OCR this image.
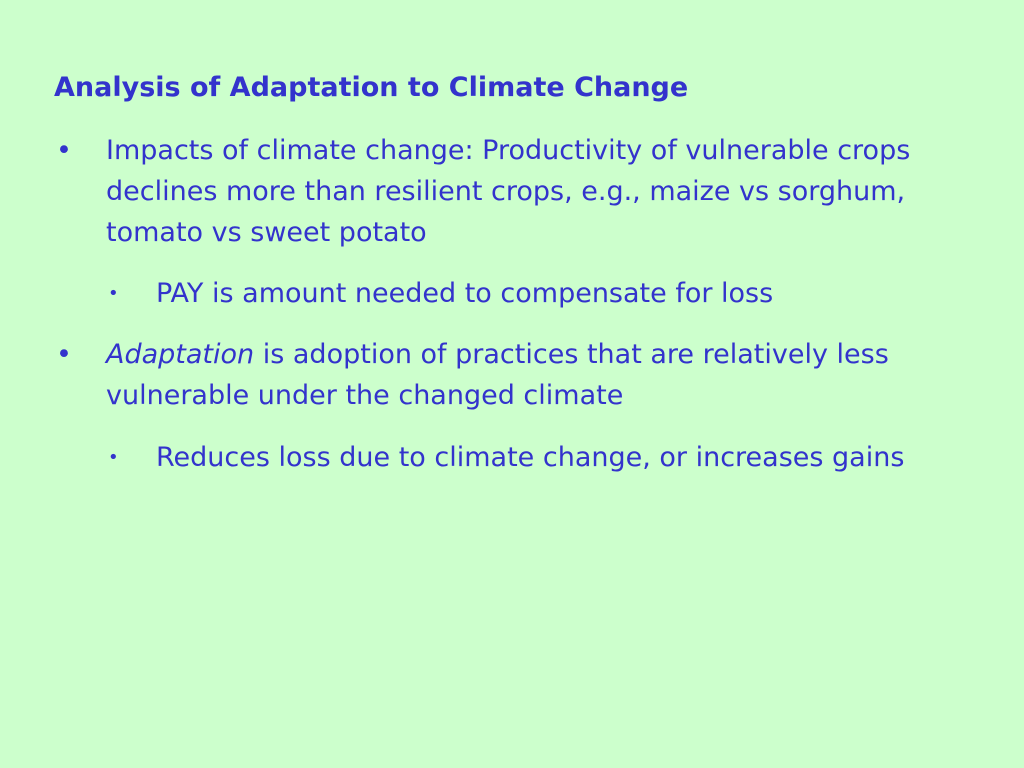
Analysis of Adaptation to Climate Change
•	Impacts of climate change: Productivity of vulnerable crops declines more than resilient crops, e.g., maize vs sorghum, tomato vs sweet potato
•	PAY is amount needed to compensate for loss
•	Adaptation is adoption of practices that are relatively less vulnerable under the changed climate
•	Reduces loss due to climate change, or increases gains
